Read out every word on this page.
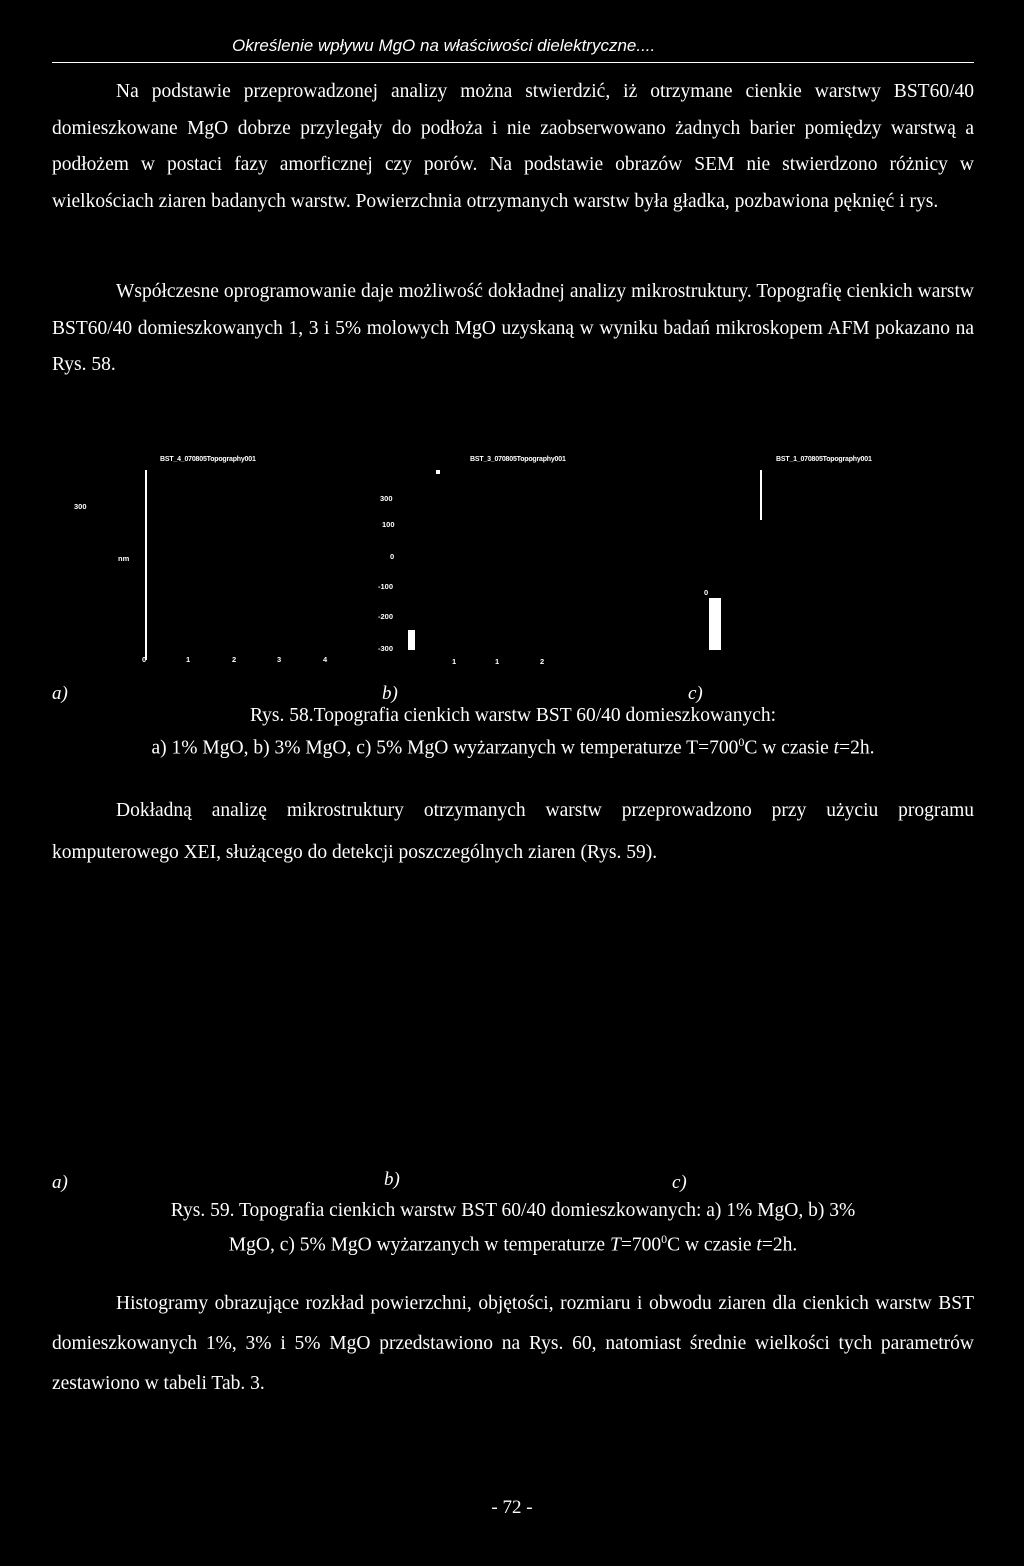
Określenie wpływu MgO na właściwości dielektryczne....
Na podstawie przeprowadzonej analizy można stwierdzić, iż otrzymane cienkie warstwy BST60/40 domieszkowane MgO dobrze przylegały do podłoża i nie zaobserwowano żadnych barier pomiędzy warstwą a podłożem w postaci fazy amorficznej czy porów. Na podstawie obrazów SEM nie stwierdzono różnicy w wielkościach ziaren badanych warstw. Powierzchnia otrzymanych warstw była gładka, pozbawiona pęknięć i rys.
Współczesne oprogramowanie daje możliwość dokładnej analizy mikrostruktury. Topografię cienkich warstw BST60/40 domieszkowanych 1, 3 i 5% molowych MgO uzyskaną w wyniku badań mikroskopem AFM pokazano na Rys. 58.
BST_4_070805Topography001
300
nm
0	1	2	3	4
300
100
0
-100
-200
-300
BST_3_070805Topography001
1	1	2
BST_1_070805Topography001
0
a)	b)	c)
Rys. 58.Topografia cienkich warstw BST 60/40 domieszkowanych:
a) 1% MgO, b) 3% MgO, c) 5% MgO wyżarzanych w temperaturze $T=700^0C$ w czasie t=2h.
Dokładną analizę mikrostruktury otrzymanych warstw przeprowadzono przy użyciu programu komputerowego XEI, służącego do detekcji poszczególnych ziaren (Rys. 59).
a)	b)	c)
Rys. 59. Topografia cienkich warstw BST 60/40 domieszkowanych: a) 1% MgO, b) 3%
MgO, c) 5% MgO wyżarzanych w temperaturze $T=700^0C$ w czasie t=2h.
Histogramy obrazujące rozkład powierzchni, objętości, rozmiaru i obwodu ziaren dla cienkich warstw BST domieszkowanych 1%, 3% i 5% MgO przedstawiono na Rys. 60, natomiast średnie wielkości tych parametrów zestawiono w tabeli Tab. 3.
- 72 -
